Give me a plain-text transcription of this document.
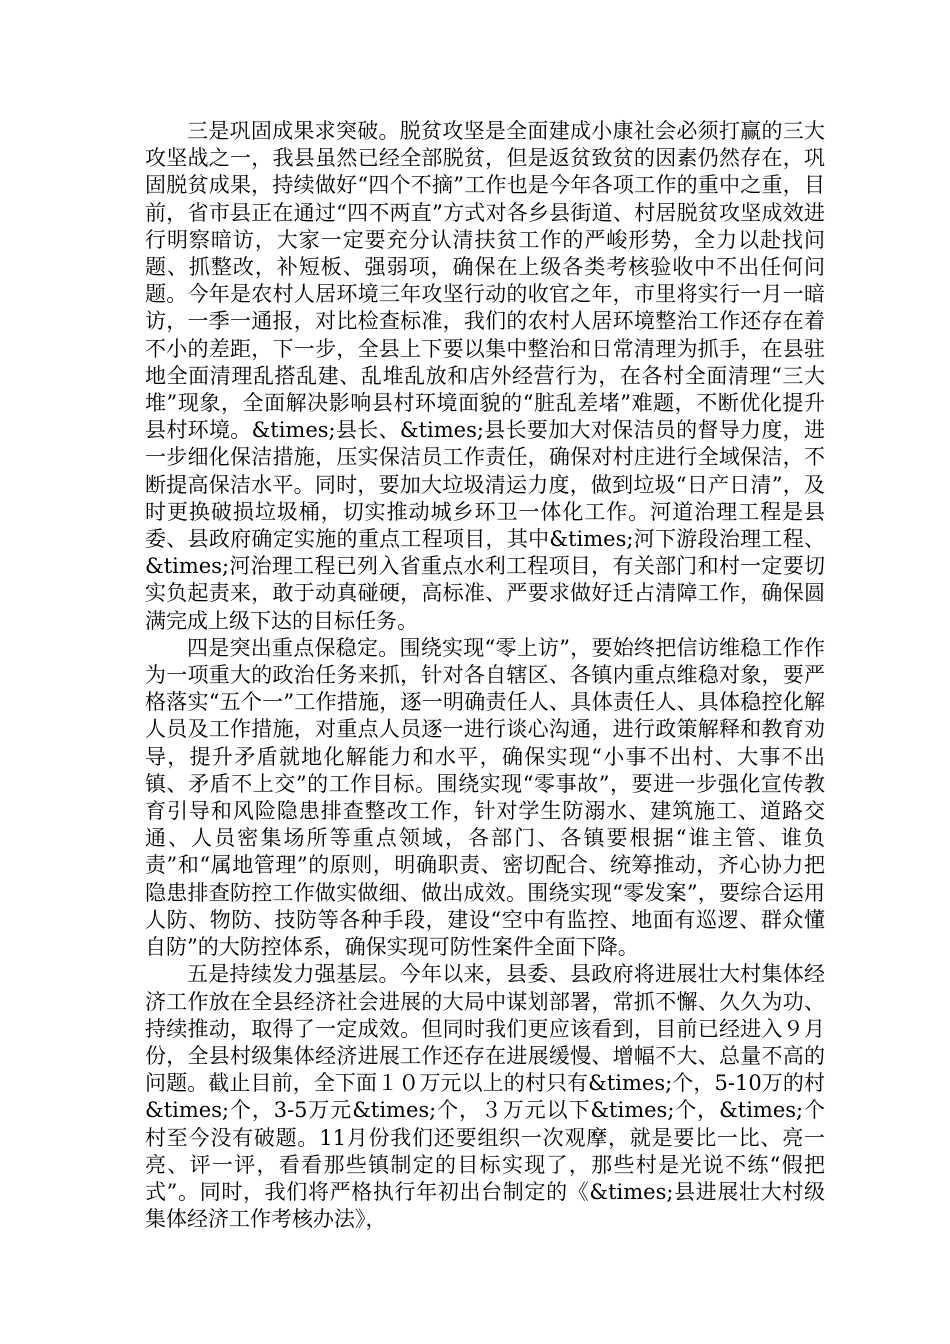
三是巩固成果求突破。脱贫攻坚是全面建成小康社会必须打赢的三大攻坚战之一，我县虽然已经全部脱贫，但是返贫致贫的因素仍然存在，巩固脱贫成果，持续做好“四个不摘”工作也是今年各项工作的重中之重，目前，省市县正在通过“四不两直”方式对各乡县街道、村居脱贫攻坚成效进行明察暗访，大家一定要充分认清扶贫工作的严峻形势，全力以赴找问题、抓整改，补短板、强弱项，确保在上级各类考核验收中不出任何问题。今年是农村人居环境三年攻坚行动的收官之年，市里将实行一月一暗访，一季一通报，对比检查标准，我们的农村人居环境整治工作还存在着不小的差距，下一步，全县上下要以集中整治和日常清理为抓手，在县驻地全面清理乱搭乱建、乱堆乱放和店外经营行为，在各村全面清理“三大堆”现象，全面解决影响县村环境面貌的“脏乱差堵”难题，不断优化提升县村环境。&times;县长、&times;县长要加大对保洁员的督导力度，进一步细化保洁措施，压实保洁员工作责任，确保对村庄进行全域保洁，不断提高保洁水平。同时，要加大垃圾清运力度，做到垃圾“日产日清”，及时更换破损垃圾桶，切实推动城乡环卫一体化工作。河道治理工程是县委、县政府确定实施的重点工程项目，其中&times;河下游段治理工程、&times;河治理工程已列入省重点水利工程项目，有关部门和村一定要切实负起责来，敢于动真碰硬，高标准、严要求做好迁占清障工作，确保圆满完成上级下达的目标任务。

四是突出重点保稳定。围绕实现“零上访”，要始终把信访维稳工作作为一项重大的政治任务来抓，针对各自辖区、各镇内重点维稳对象，要严格落实“五个一”工作措施，逐一明确责任人、具体责任人、具体稳控化解人员及工作措施，对重点人员逐一进行谈心沟通，进行政策解释和教育劝导，提升矛盾就地化解能力和水平，确保实现“小事不出村、大事不出镇、矛盾不上交”的工作目标。围绕实现“零事故”，要进一步强化宣传教育引导和风险隐患排查整改工作，针对学生防溺水、建筑施工、道路交通、人员密集场所等重点领域，各部门、各镇要根据“谁主管、谁负责”和“属地管理”的原则，明确职责、密切配合、统筹推动，齐心协力把隐患排查防控工作做实做细、做出成效。围绕实现“零发案”，要综合运用人防、物防、技防等各种手段，建设“空中有监控、地面有巡逻、群众懂自防”的大防控体系，确保实现可防性案件全面下降。

五是持续发力强基层。今年以来，县委、县政府将进展壮大村集体经济工作放在全县经济社会进展的大局中谋划部署，常抓不懈、久久为功、持续推动，取得了一定成效。但同时我们更应该看到，目前已经进入９月份，全县村级集体经济进展工作还存在进展缓慢、增幅不大、总量不高的问题。截止目前，全下面１０万元以上的村只有&times;个，5-10万的村&times;个，3-5万元&times;个，３万元以下&times;个，&times;个村至今没有破题。11月份我们还要组织一次观摩，就是要比一比、亮一亮、评一评，看看那些镇制定的目标实现了，那些村是光说不练“假把式”。同时，我们将严格执行年初出台制定的《&times;县进展壮大村级集体经济工作考核办法》，
